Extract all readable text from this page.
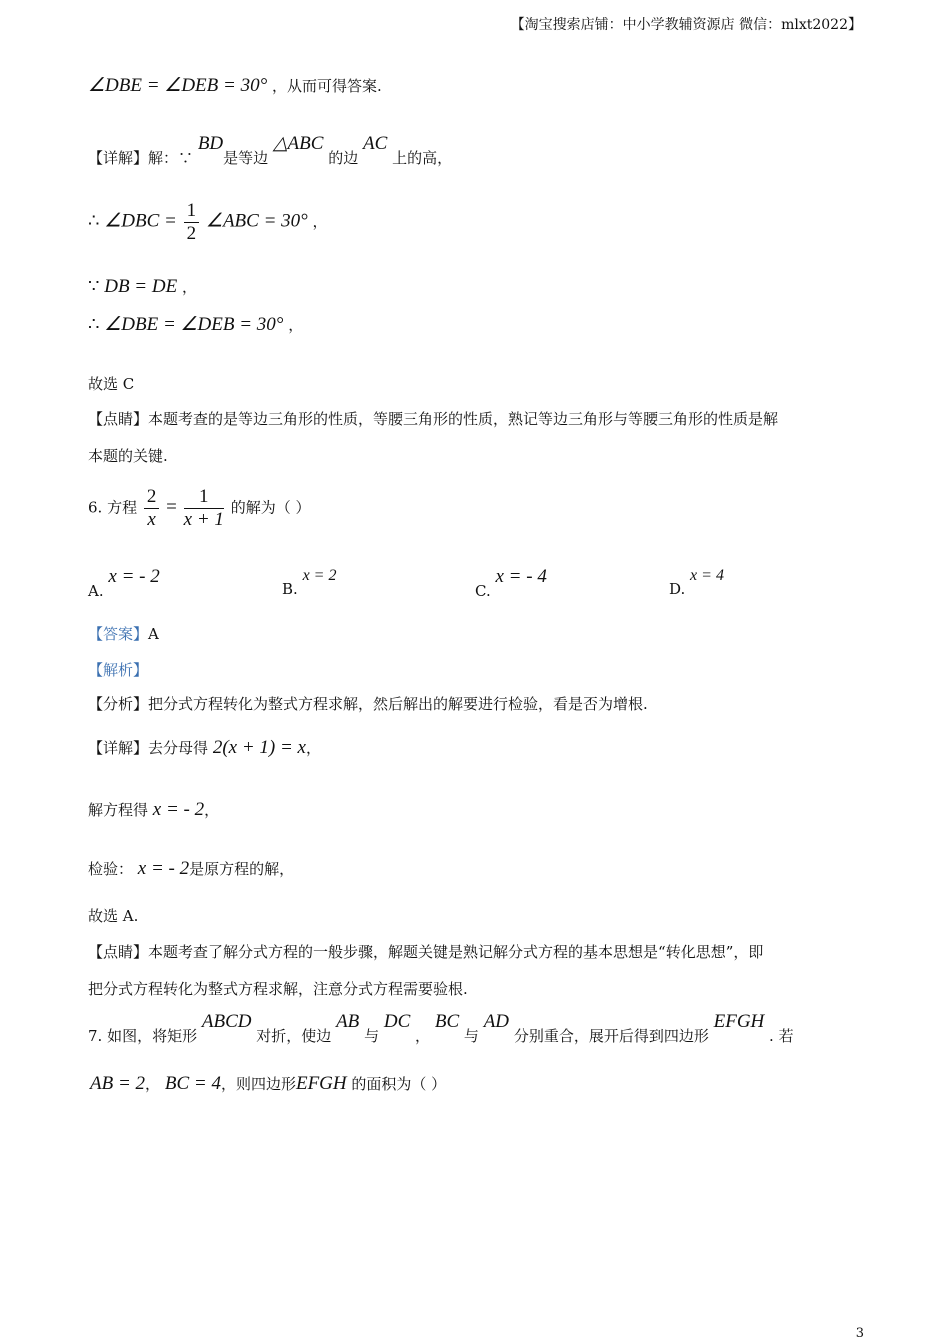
【淘宝搜索店铺：中小学教辅资源店 微信：mlxt2022】
∠DBE = ∠DEB = 30° ，从而可得答案.
【详解】解：∵ BD是等边 △ABC 的边 AC 上的高，
∴ ∠DBC = $\frac{1}{2}$ ∠ABC = 30° ，
∵ DB = DE ，
∴ ∠DBE = ∠DEB = 30° ，
故选 C
【点睛】本题考查的是等边三角形的性质，等腰三角形的性质，熟记等边三角形与等腰三角形的性质是解
本题的关键.
6. 方程 $\frac{2}{x} = \frac{1}{x + 1}$ 的解为（ ）
A. x = - 2
B. x = 2
C. x = - 4
D. x = 4
【答案】A
【解析】
【分析】把分式方程转化为整式方程求解，然后解出的解要进行检验，看是否为增根.
【详解】去分母得 2(x + 1) = x，
解方程得 x = - 2，
检验： x = - 2是原方程的解，
故选 A.
【点睛】本题考查了解分式方程的一般步骤，解题关键是熟记解分式方程的基本思想是“转化思想”，即
把分式方程转化为整式方程求解，注意分式方程需要验根.
7. 如图，将矩形 ABCD 对折，使边 AB 与 DC ， BC 与 AD 分别重合，展开后得到四边形 EFGH . 若
AB = 2， BC = 4，则四边形EFGH 的面积为（ ）
3
